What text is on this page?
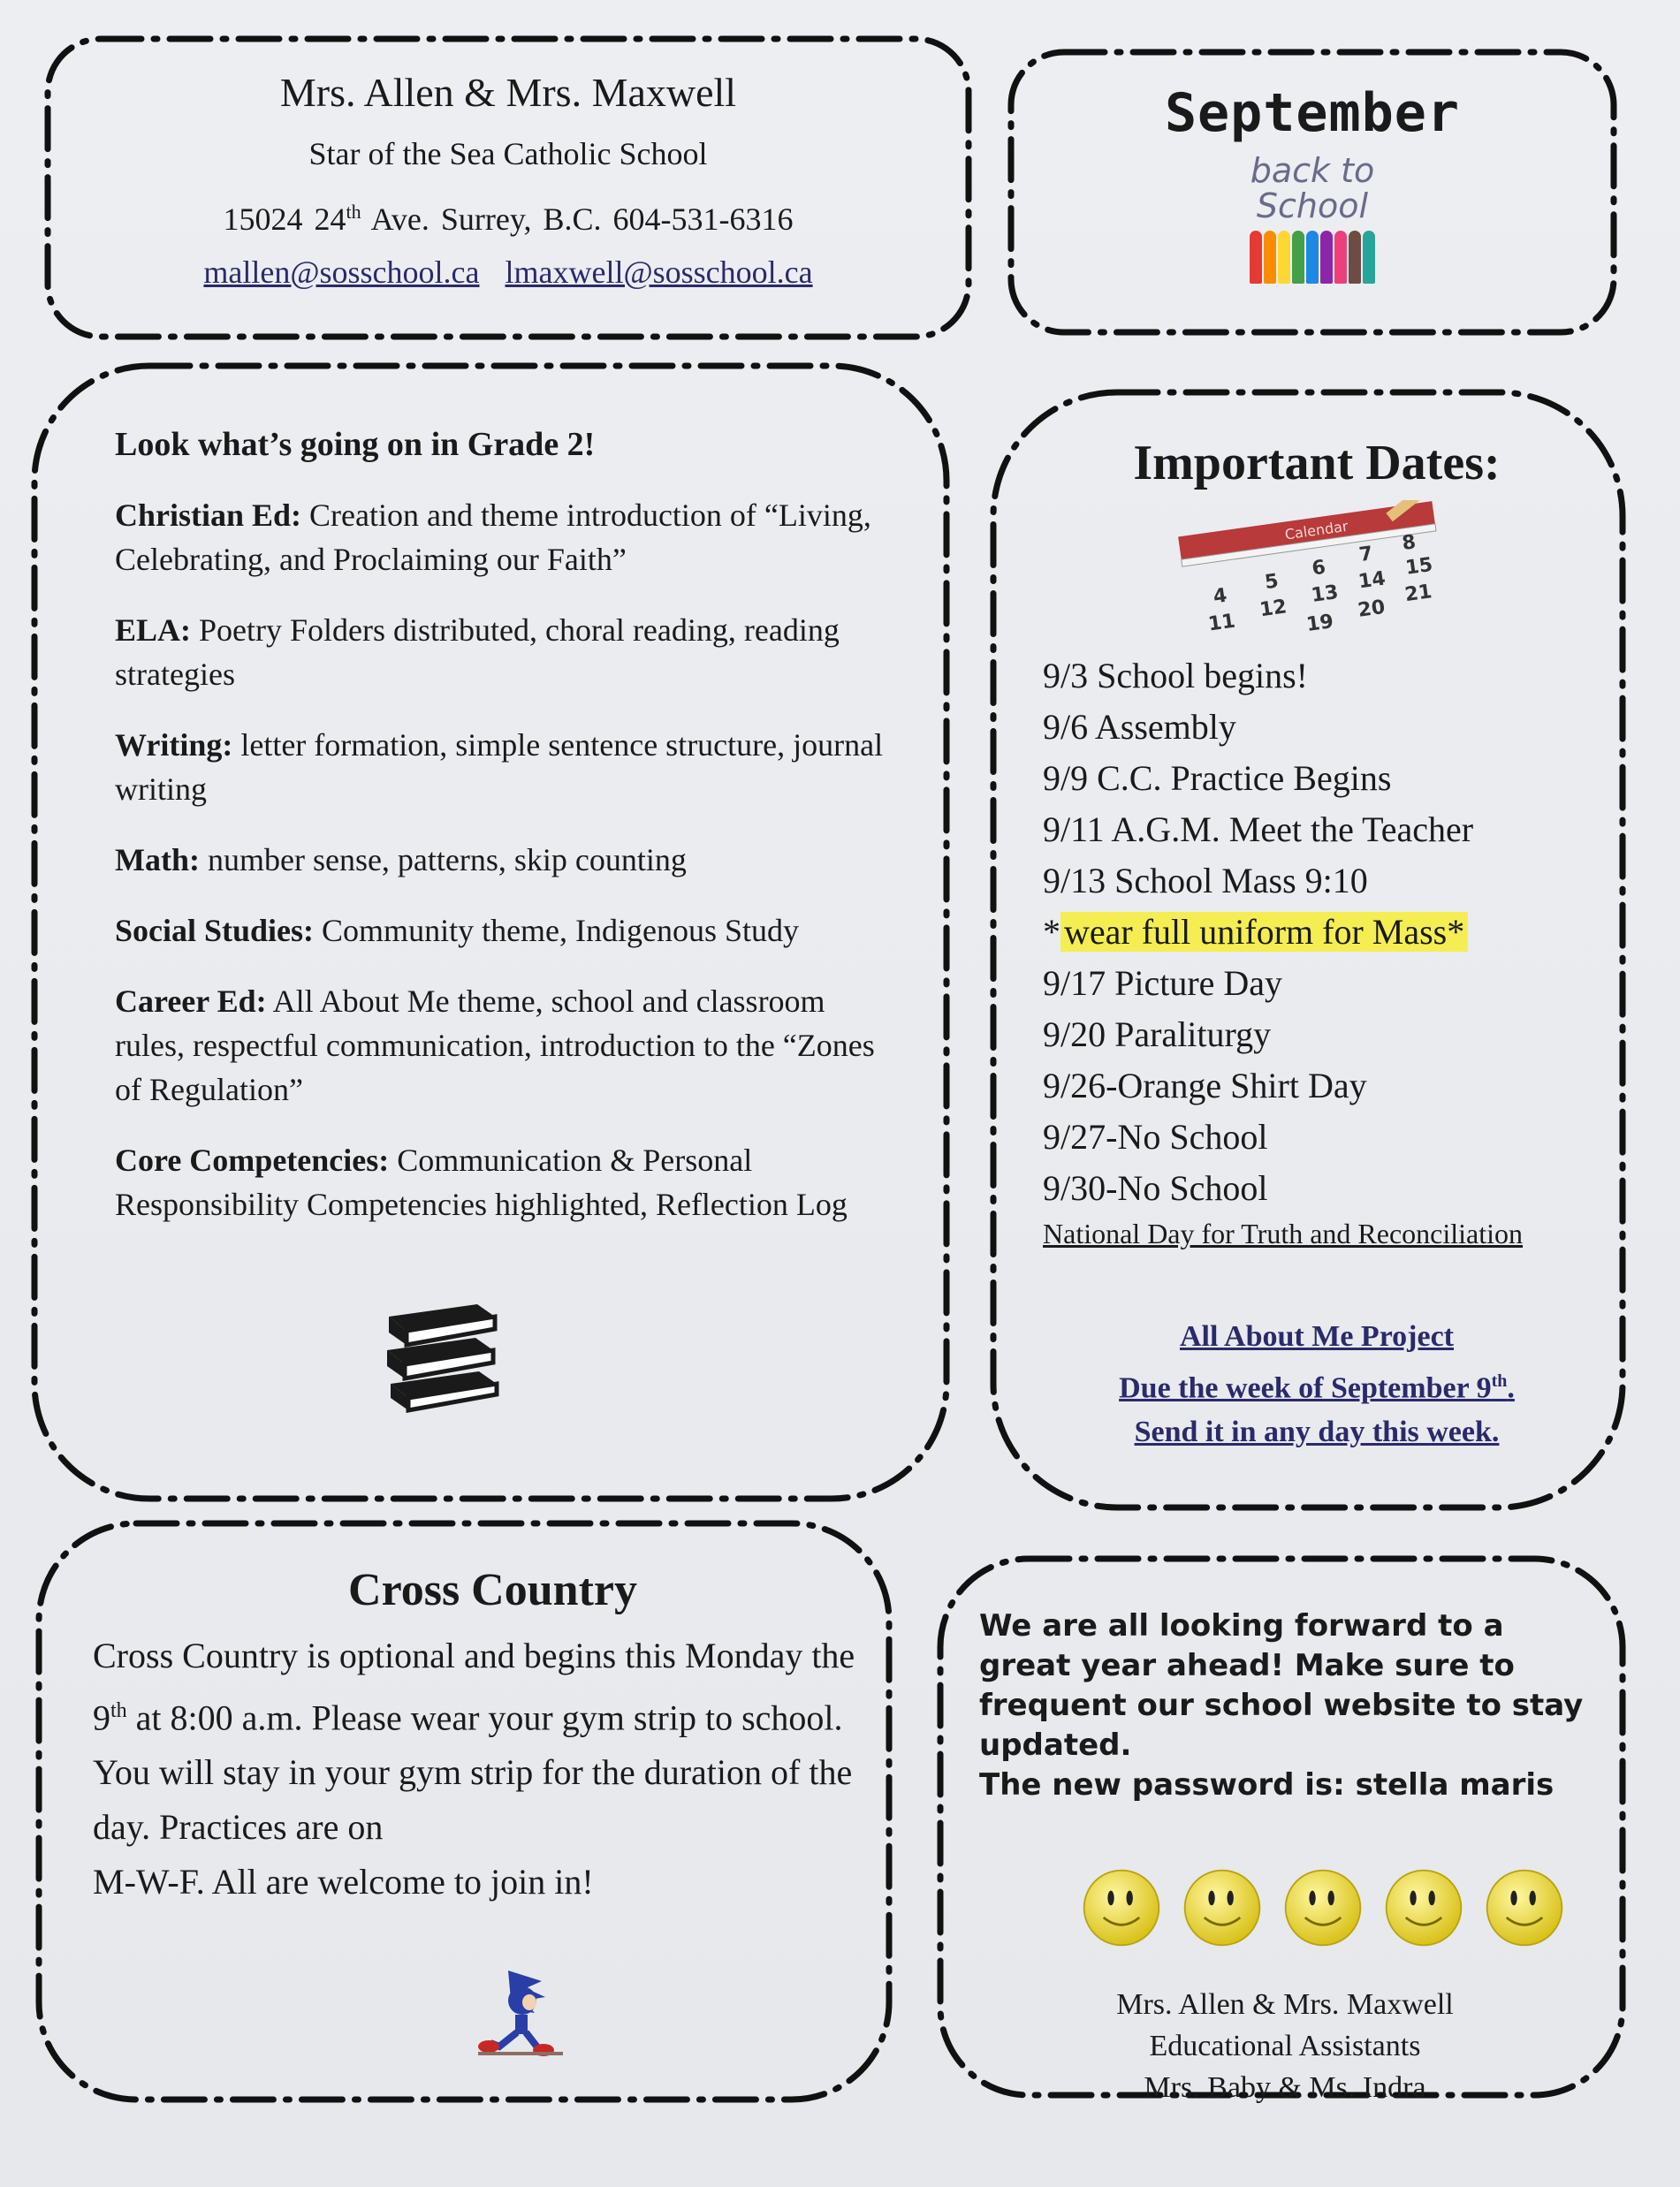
Mrs. Allen & Mrs. Maxwell

Star of the Sea Catholic School

15024 24th Ave. Surrey, B.C. 604-531-6316

mallen@sosschool.ca lmaxwell@sosschool.ca

September

back to
School

Look what’s going on in Grade 2!

Christian Ed: Creation and theme introduction of “Living, Celebrating, and Proclaiming our Faith”

ELA: Poetry Folders distributed, choral reading, reading strategies

Writing: letter formation, simple sentence structure, journal writing

Math: number sense, patterns, skip counting

Social Studies: Community theme, Indigenous Study

Career Ed: All About Me theme, school and classroom rules, respectful communication, introduction to the “Zones of Regulation”

Core Competencies: Communication & Personal Responsibility Competencies highlighted, Reflection Log

Important Dates:

Calendar
4
5
6
7 8
11
12
13
14
15
19
20
21
9/3 School begins!
9/6 Assembly
9/9 C.C. Practice Begins
9/11 A.G.M. Meet the Teacher
9/13 School Mass 9:10
* wear full uniform for Mass*
9/17 Picture Day
9/20 Paraliturgy
9/26-Orange Shirt Day
9/27-No School
9/30-No School
National Day for Truth and Reconciliation
All About Me Project
Due the week of September 9th.
Send it in any day this week.

Cross Country

Cross Country is optional and begins this Monday the 9th at 8:00 a.m. Please wear your gym strip to school. You will stay in your gym strip for the duration of the day. Practices are on
M-W-F. All are welcome to join in!

We are all looking forward to a great year ahead! Make sure to frequent our school website to stay updated.

The new password is: stella maris

Mrs. Allen & Mrs. Maxwell
Educational Assistants
Mrs. Baby & Ms. Indra
